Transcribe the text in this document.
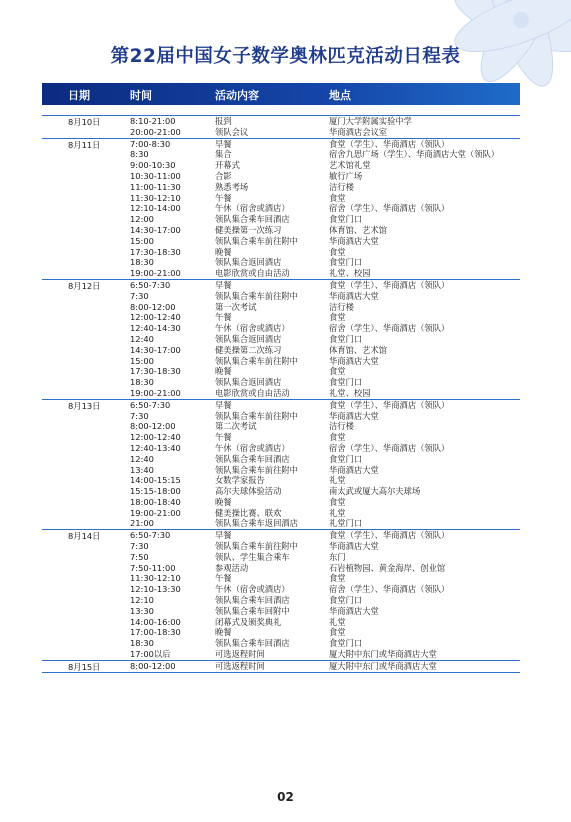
第22届中国女子数学奥林匹克活动日程表
日期	时间	活动内容	地点
8月10日	8:10-21:00	报到	厦门大学附属实验中学
20:00-21:00	领队会议	华商酒店会议室
8月11日	7:00-8:30	早餐	食堂（学生）、华商酒店（领队）
8:30	集合	宿舍九思广场（学生）、华商酒店大堂（领队）
9:00-10:30	开幕式	艺术馆礼堂
10:30-11:00	合影	敏行广场
11:00-11:30	熟悉考场	洁行楼
11:30-12:10	午餐	食堂
12:10-14:00	午休（宿舍或酒店）	宿舍（学生）、华商酒店（领队）
12:00	领队集合乘车回酒店	食堂门口
14:30-17:00	健美操第一次练习	体育馆、艺术馆
15:00	领队集合乘车前往附中	华商酒店大堂
17:30-18:30	晚餐	食堂
18:30	领队集合返回酒店	食堂门口
19:00-21:00	电影欣赏或自由活动	礼堂、校园
8月12日	6:50-7:30	早餐	食堂（学生）、华商酒店（领队）
7:30	领队集合乘车前往附中	华商酒店大堂
8:00-12:00	第一次考试	洁行楼
12:00-12:40	午餐	食堂
12:40-14:30	午休（宿舍或酒店）	宿舍（学生）、华商酒店（领队）
12:40	领队集合返回酒店	食堂门口
14:30-17:00	健美操第二次练习	体育馆、艺术馆
15:00	领队集合乘车前往附中	华商酒店大堂
17:30-18:30	晚餐	食堂
18:30	领队集合返回酒店	食堂门口
19:00-21:00	电影欣赏或自由活动	礼堂、校园
8月13日	6:50-7:30	早餐	食堂（学生）、华商酒店（领队）
7:30	领队集合乘车前往附中	华商酒店大堂
8:00-12:00	第二次考试	洁行楼
12:00-12:40	午餐	食堂
12:40-13:40	午休（宿舍或酒店）	宿舍（学生）、华商酒店（领队）
12:40	领队集合乘车回酒店	食堂门口
13:40	领队集合乘车前往附中	华商酒店大堂
14:00-15:15	女数学家报告	礼堂
15:15-18:00	高尔夫球体验活动	南太武或厦大高尔夫球场
18:00-18:40	晚餐	食堂
19:00-21:00	健美操比赛、联欢	礼堂
21:00	领队集合乘车返回酒店	礼堂门口
8月14日	6:50-7:30	早餐	食堂（学生）、华商酒店（领队）
7:30	领队集合乘车前往附中	华商酒店大堂
7:50	领队、学生集合乘车	东门
7:50-11:00	参观活动	石岩植物园、黄金海岸、创业馆
11:30-12:10	午餐	食堂
12:10-13:30	午休（宿舍或酒店）	宿舍（学生）、华商酒店（领队）
12:10	领队集合乘车回酒店	食堂门口
13:30	领队集合乘车回附中	华商酒店大堂
14:00-16:00	闭幕式及颁奖典礼	礼堂
17:00-18:30	晚餐	食堂
18:30	领队集合乘车回酒店	食堂门口
17:00以后	可选返程时间	厦大附中东门或华商酒店大堂
8月15日	8:00-12:00	可选返程时间	厦大附中东门或华商酒店大堂
02
